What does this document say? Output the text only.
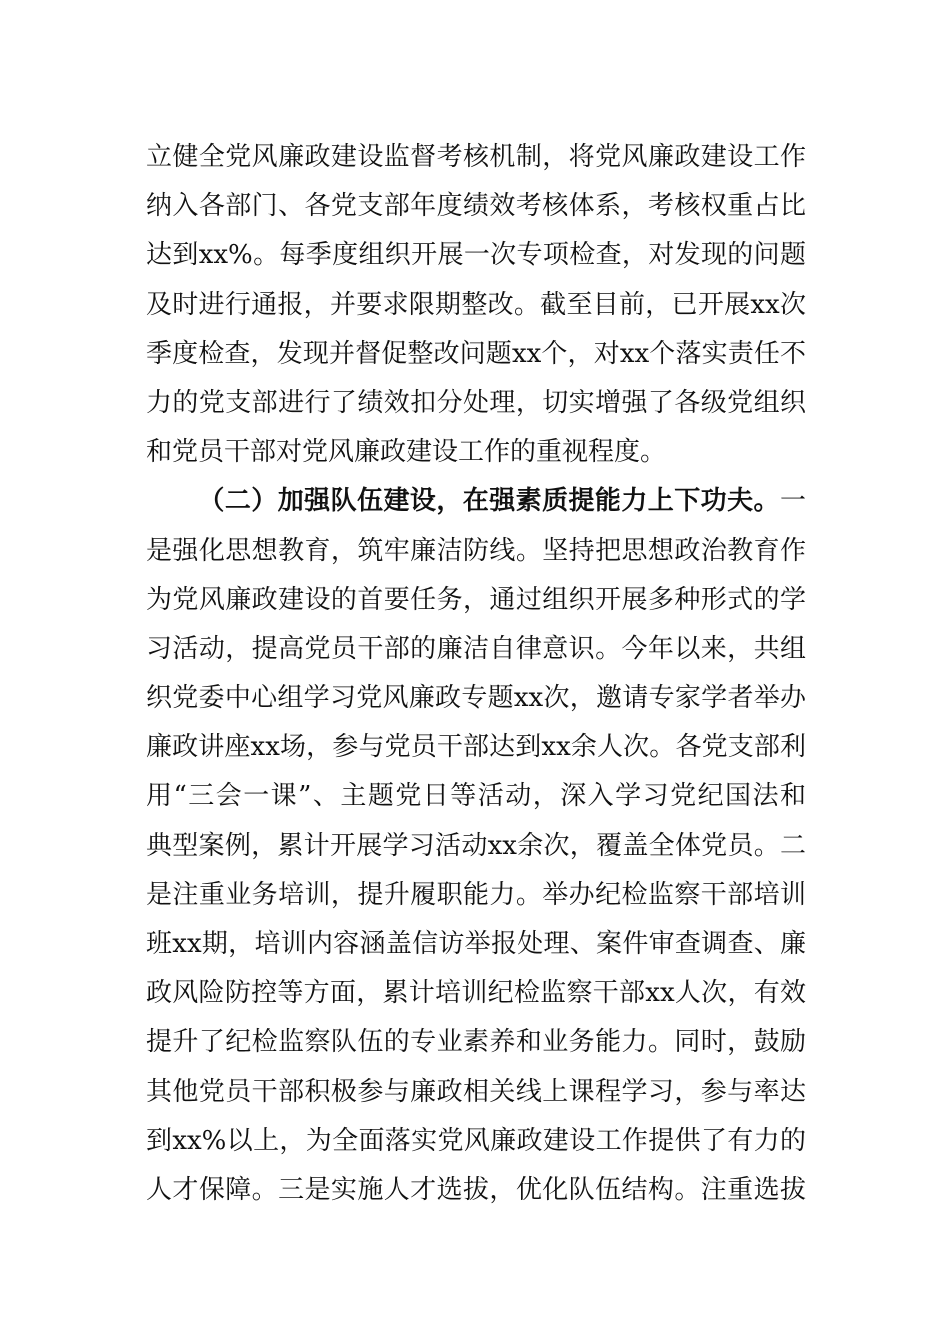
立健全党风廉政建设监督考核机制，将党风廉政建设工作
纳入各部门、各党支部年度绩效考核体系，考核权重占比
达到xx%。每季度组织开展一次专项检查，对发现的问题
及时进行通报，并要求限期整改。截至目前，已开展xx次
季度检查，发现并督促整改问题xx个，对xx个落实责任不
力的党支部进行了绩效扣分处理，切实增强了各级党组织
和党员干部对党风廉政建设工作的重视程度。
（二）加强队伍建设，在强素质提能力上下功夫。一
是强化思想教育，筑牢廉洁防线。坚持把思想政治教育作
为党风廉政建设的首要任务，通过组织开展多种形式的学
习活动，提高党员干部的廉洁自律意识。今年以来，共组
织党委中心组学习党风廉政专题xx次，邀请专家学者举办
廉政讲座xx场，参与党员干部达到xx余人次。各党支部利
用“三会一课”、主题党日等活动，深入学习党纪国法和
典型案例，累计开展学习活动xx余次，覆盖全体党员。二
是注重业务培训，提升履职能力。举办纪检监察干部培训
班xx期，培训内容涵盖信访举报处理、案件审查调查、廉
政风险防控等方面，累计培训纪检监察干部xx人次，有效
提升了纪检监察队伍的专业素养和业务能力。同时，鼓励
其他党员干部积极参与廉政相关线上课程学习，参与率达
到xx%以上，为全面落实党风廉政建设工作提供了有力的
人才保障。三是实施人才选拔，优化队伍结构。注重选拔
